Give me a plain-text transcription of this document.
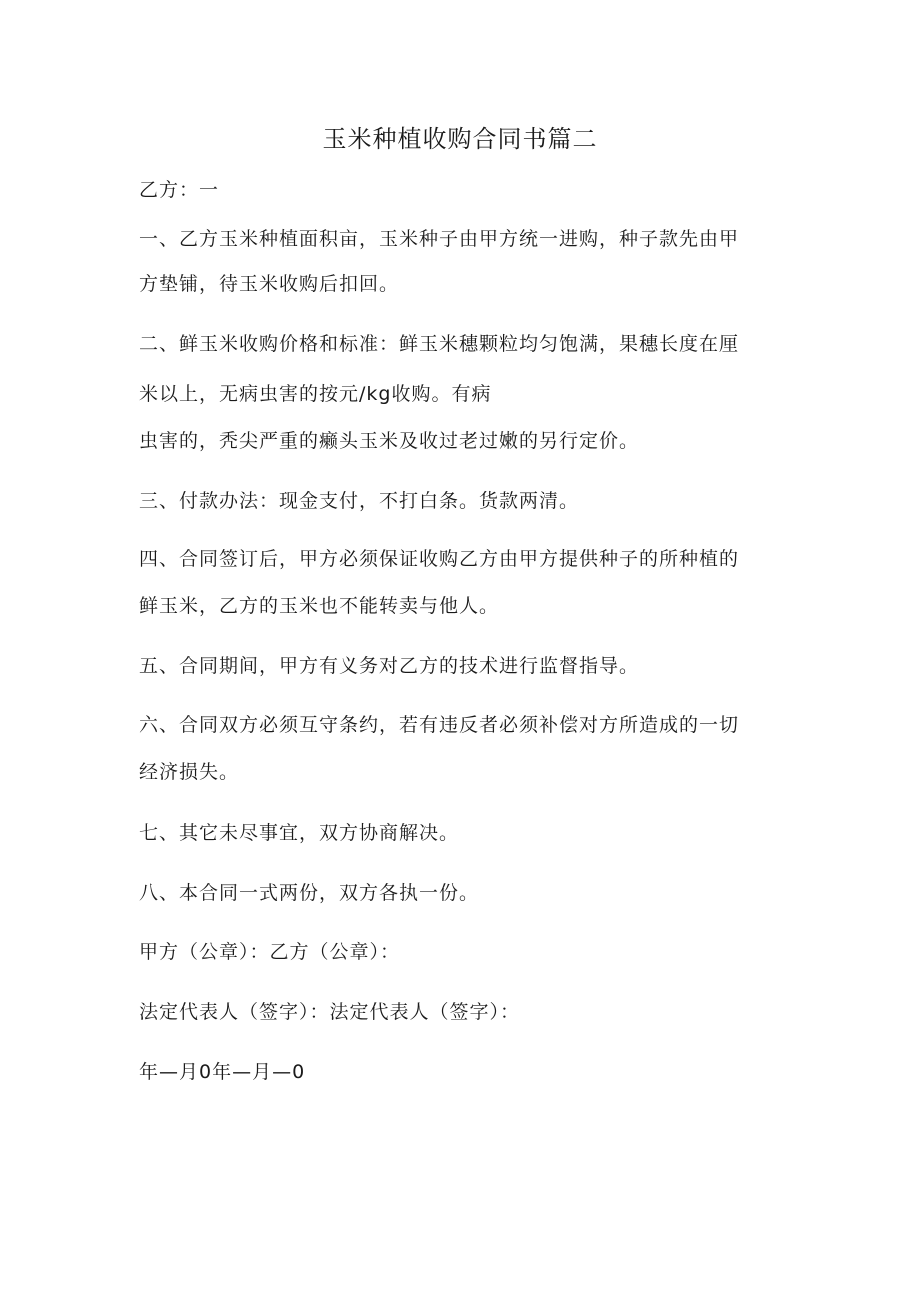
玉米种植收购合同书篇二
乙方：一
一、乙方玉米种植面积亩，玉米种子由甲方统一进购，种子款先由甲
方垫铺，待玉米收购后扣回。
二、鲜玉米收购价格和标准：鲜玉米穗颗粒均匀饱满，果穗长度在厘
米以上，无病虫害的按元/kg收购。有病
虫害的，秃尖严重的癞头玉米及收过老过嫩的另行定价。
三、付款办法：现金支付，不打白条。货款两清。
四、合同签订后，甲方必须保证收购乙方由甲方提供种子的所种植的
鲜玉米，乙方的玉米也不能转卖与他人。
五、合同期间，甲方有义务对乙方的技术进行监督指导。
六、合同双方必须互守条约，若有违反者必须补偿对方所造成的一切
经济损失。
七、其它未尽事宜，双方协商解决。
八、本合同一式两份，双方各执一份。
甲方（公章）：乙方（公章）：
法定代表人（签字）：法定代表人（签字）：
年—月0年—月—0
